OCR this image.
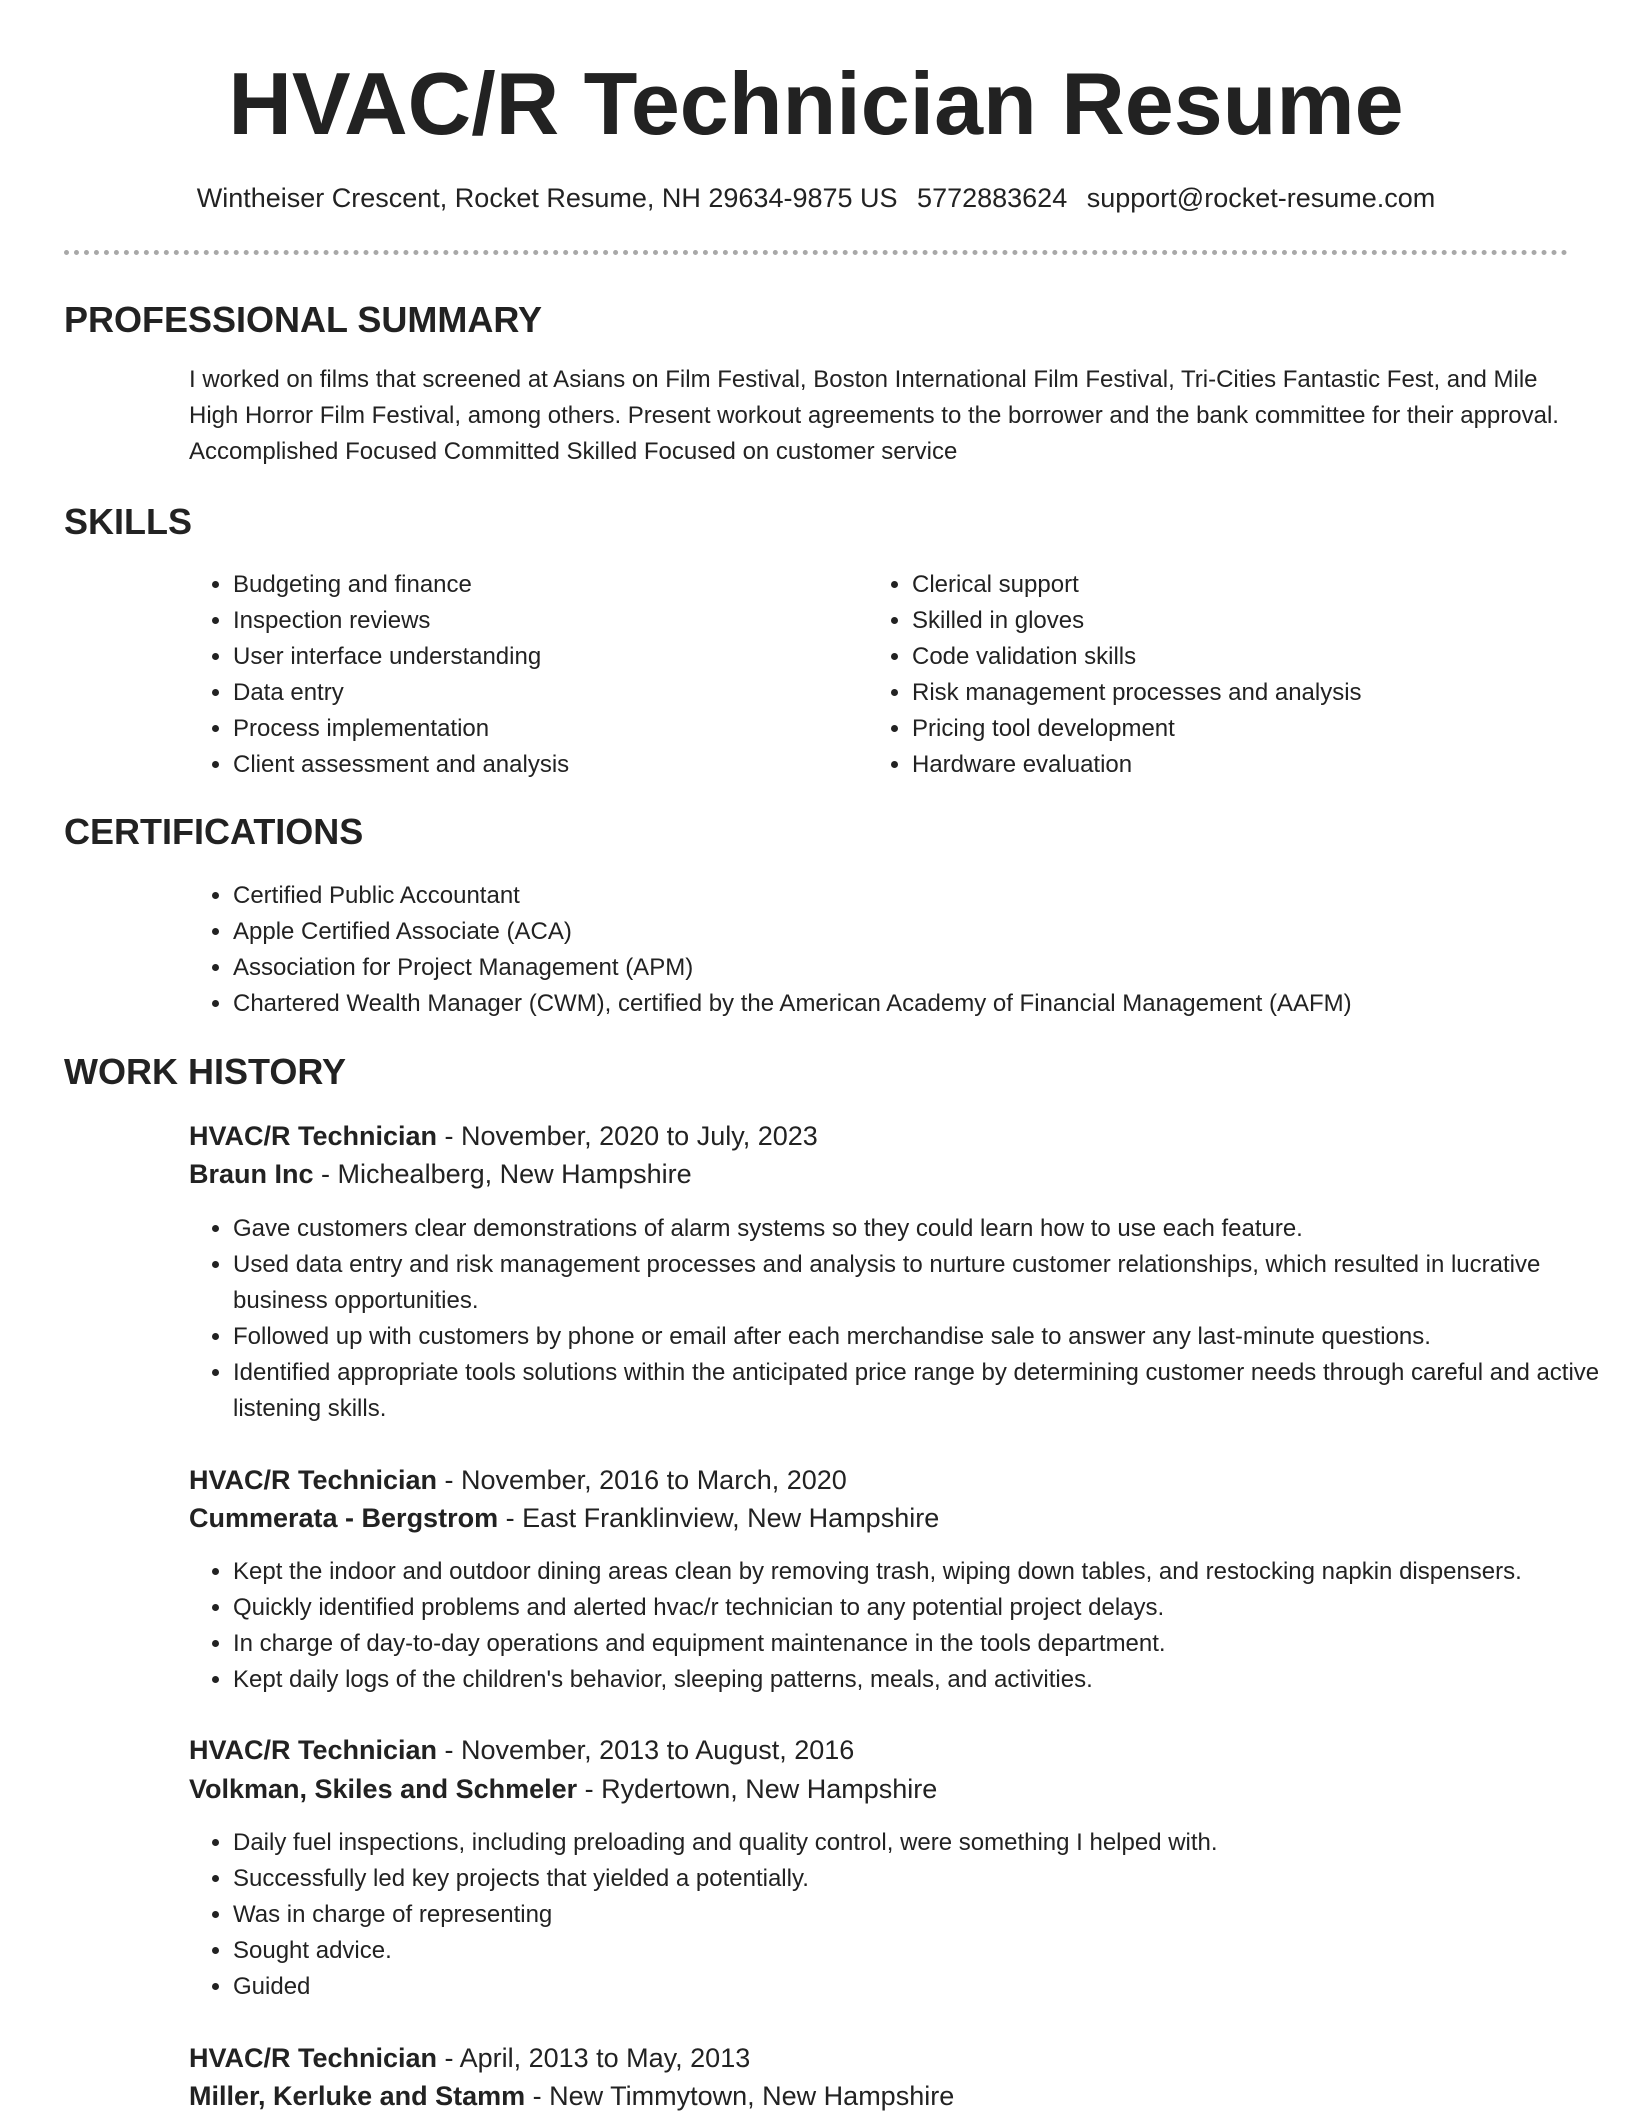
HVAC/R Technician Resume
Wintheiser Crescent, Rocket Resume, NH 29634-9875 US 5772883624 support@rocket-resume.com
PROFESSIONAL SUMMARY

I worked on films that screened at Asians on Film Festival, Boston International Film Festival, Tri-Cities Fantastic Fest, and Mile High Horror Film Festival, among others. Present workout agreements to the borrower and the bank committee for their approval. Accomplished Focused Committed Skilled Focused on customer service

SKILLS
• Budgeting and finance
• Inspection reviews
• User interface understanding
• Data entry
• Process implementation
• Client assessment and analysis
• Clerical support
• Skilled in gloves
• Code validation skills
• Risk management processes and analysis
• Pricing tool development
• Hardware evaluation
CERTIFICATIONS
• Certified Public Accountant
• Apple Certified Associate (ACA)
• Association for Project Management (APM)
• Chartered Wealth Manager (CWM), certified by the American Academy of Financial Management (AAFM)
WORK HISTORY
HVAC/R Technician - November, 2020 to July, 2023
Braun Inc - Michealberg, New Hampshire
• Gave customers clear demonstrations of alarm systems so they could learn how to use each feature.
• Used data entry and risk management processes and analysis to nurture customer relationships, which resulted in lucrative business opportunities.
• Followed up with customers by phone or email after each merchandise sale to answer any last-minute questions.
• Identified appropriate tools solutions within the anticipated price range by determining customer needs through careful and active listening skills.
HVAC/R Technician - November, 2016 to March, 2020
Cummerata - Bergstrom - East Franklinview, New Hampshire
• Kept the indoor and outdoor dining areas clean by removing trash, wiping down tables, and restocking napkin dispensers.
• Quickly identified problems and alerted hvac/r technician to any potential project delays.
• In charge of day-to-day operations and equipment maintenance in the tools department.
• Kept daily logs of the children's behavior, sleeping patterns, meals, and activities.
HVAC/R Technician - November, 2013 to August, 2016
Volkman, Skiles and Schmeler - Rydertown, New Hampshire
• Daily fuel inspections, including preloading and quality control, were something I helped with.
• Successfully led key projects that yielded a potentially.
• Was in charge of representing
• Sought advice.
• Guided
HVAC/R Technician - April, 2013 to May, 2013
Miller, Kerluke and Stamm - New Timmytown, New Hampshire
